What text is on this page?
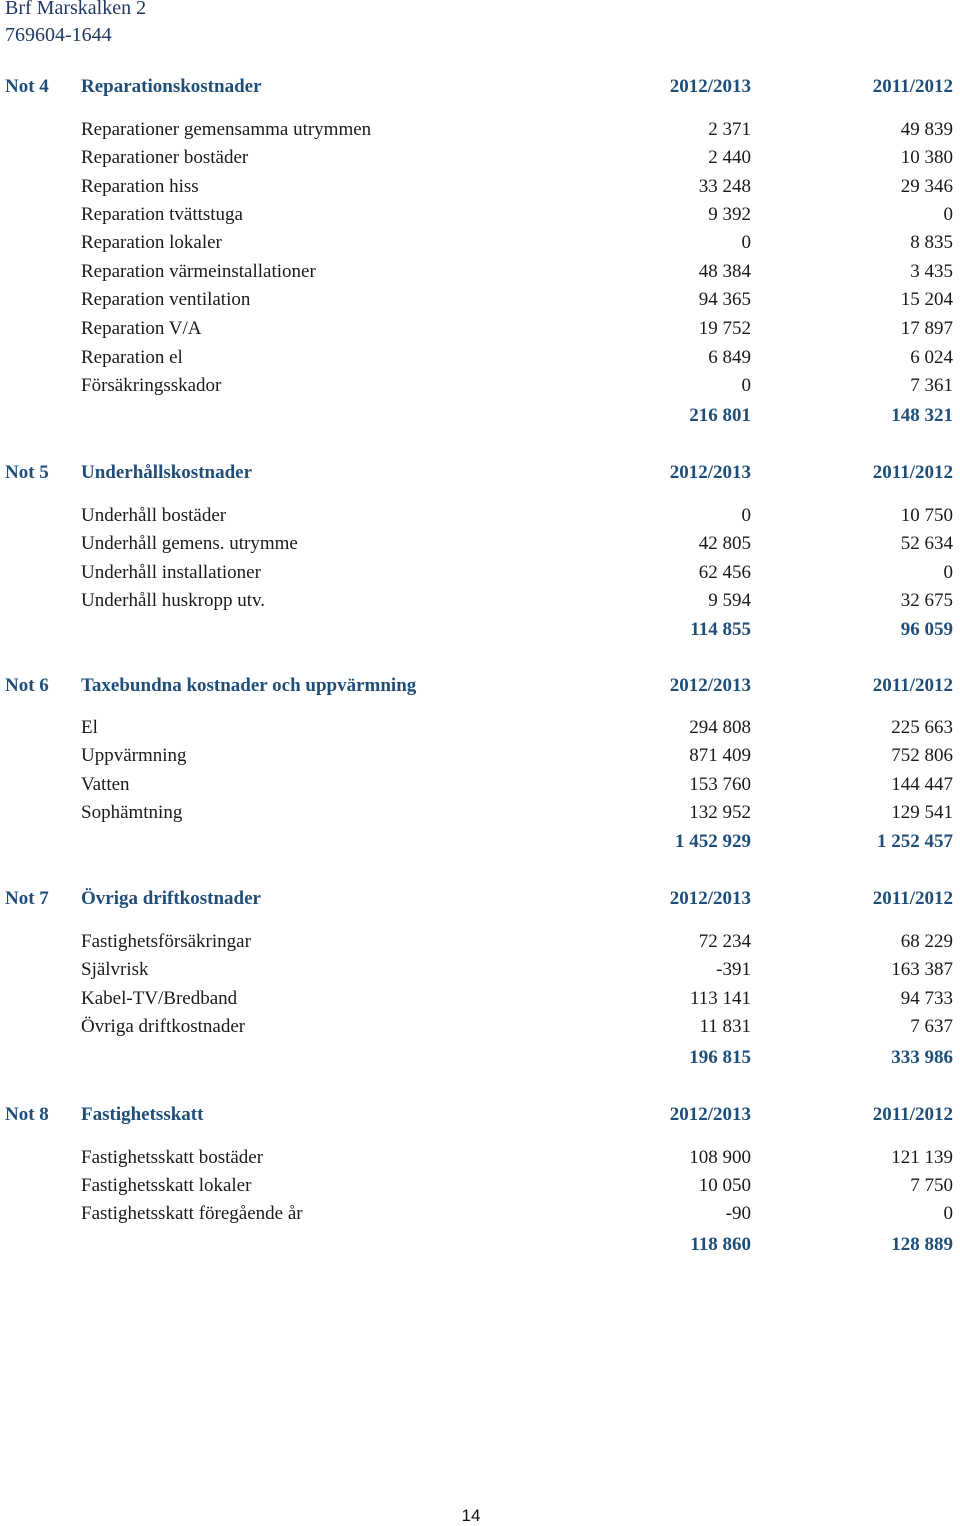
Brf Marskalken 2
769604-1644
Not 4 Reparationskostnader	2012/2013	2011/2012
Reparationer gemensamma utrymmen	2 371	49 839
Reparationer bostäder	2 440	10 380
Reparation hiss	33 248	29 346
Reparation tvättstuga	9 392	0
Reparation lokaler	0	8 835
Reparation värmeinstallationer	48 384	3 435
Reparation ventilation	94 365	15 204
Reparation V/A	19 752	17 897
Reparation el	6 849	6 024
Försäkringsskador	0	7 361
216 801	148 321
Not 5 Underhållskostnader	2012/2013	2011/2012
Underhåll bostäder	0	10 750
Underhåll gemens. utrymme	42 805	52 634
Underhåll installationer	62 456	0
Underhåll huskropp utv.	9 594	32 675
114 855	96 059
Not 6 Taxebundna kostnader och uppvärmning	2012/2013	2011/2012
El	294 808	225 663
Uppvärmning	871 409	752 806
Vatten	153 760	144 447
Sophämtning	132 952	129 541
1 452 929	1 252 457
Not 7 Övriga driftkostnader	2012/2013	2011/2012
Fastighetsförsäkringar	72 234	68 229
Självrisk	-391	163 387
Kabel-TV/Bredband	113 141	94 733
Övriga driftkostnader	11 831	7 637
196 815	333 986
Not 8 Fastighetsskatt	2012/2013	2011/2012
Fastighetsskatt bostäder	108 900	121 139
Fastighetsskatt lokaler	10 050	7 750
Fastighetsskatt föregående år	-90	0
118 860	128 889
14
